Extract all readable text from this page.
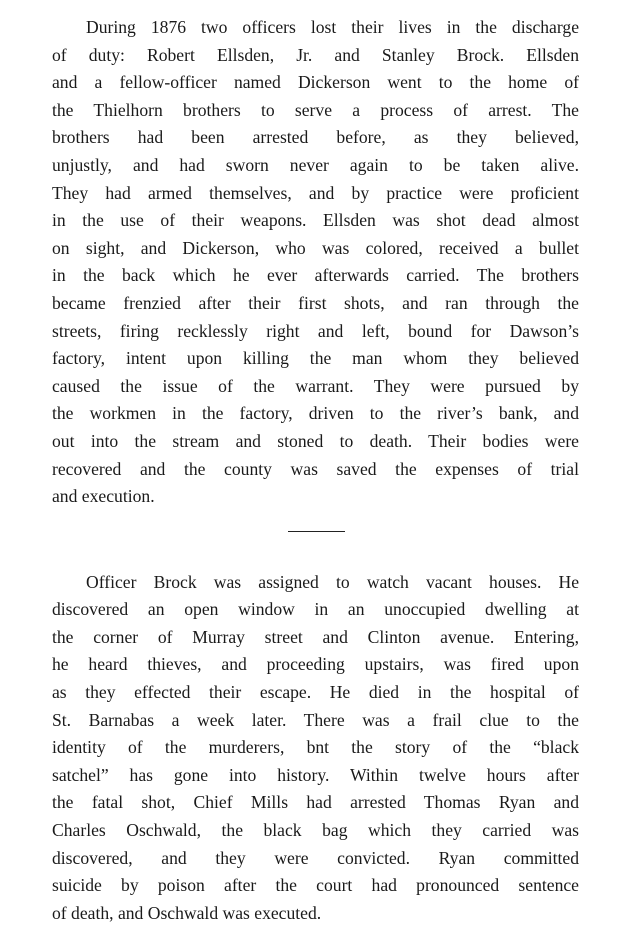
During 1876 two officers lost their lives in the discharge
of duty: Robert Ellsden, Jr. and Stanley Brock. Ellsden
and a fellow-officer named Dickerson went to the home of
the Thielhorn brothers to serve a process of arrest. The
brothers had been arrested before, as they believed,
unjustly, and had sworn never again to be taken alive.
They had armed themselves, and by practice were proficient
in the use of their weapons. Ellsden was shot dead almost
on sight, and Dickerson, who was colored, received a bullet
in the back which he ever afterwards carried. The brothers
became frenzied after their first shots, and ran through the
streets, firing recklessly right and left, bound for Dawson’s
factory, intent upon killing the man whom they believed
caused the issue of the warrant. They were pursued by
the workmen in the factory, driven to the river’s bank, and
out into the stream and stoned to death. Their bodies were
recovered and the county was saved the expenses of trial
and execution.

Officer Brock was assigned to watch vacant houses. He
discovered an open window in an unoccupied dwelling at
the corner of Murray street and Clinton avenue. Entering,
he heard thieves, and proceeding upstairs, was fired upon
as they effected their escape. He died in the hospital of
St. Barnabas a week later. There was a frail clue to the
identity of the murderers, bnt the story of the “black
satchel” has gone into history. Within twelve hours after
the fatal shot, Chief Mills had arrested Thomas Ryan and
Charles Oschwald, the black bag which they carried was
discovered, and they were convicted. Ryan committed
suicide by poison after the court had pronounced sentence
of death, and Oschwald was executed.
